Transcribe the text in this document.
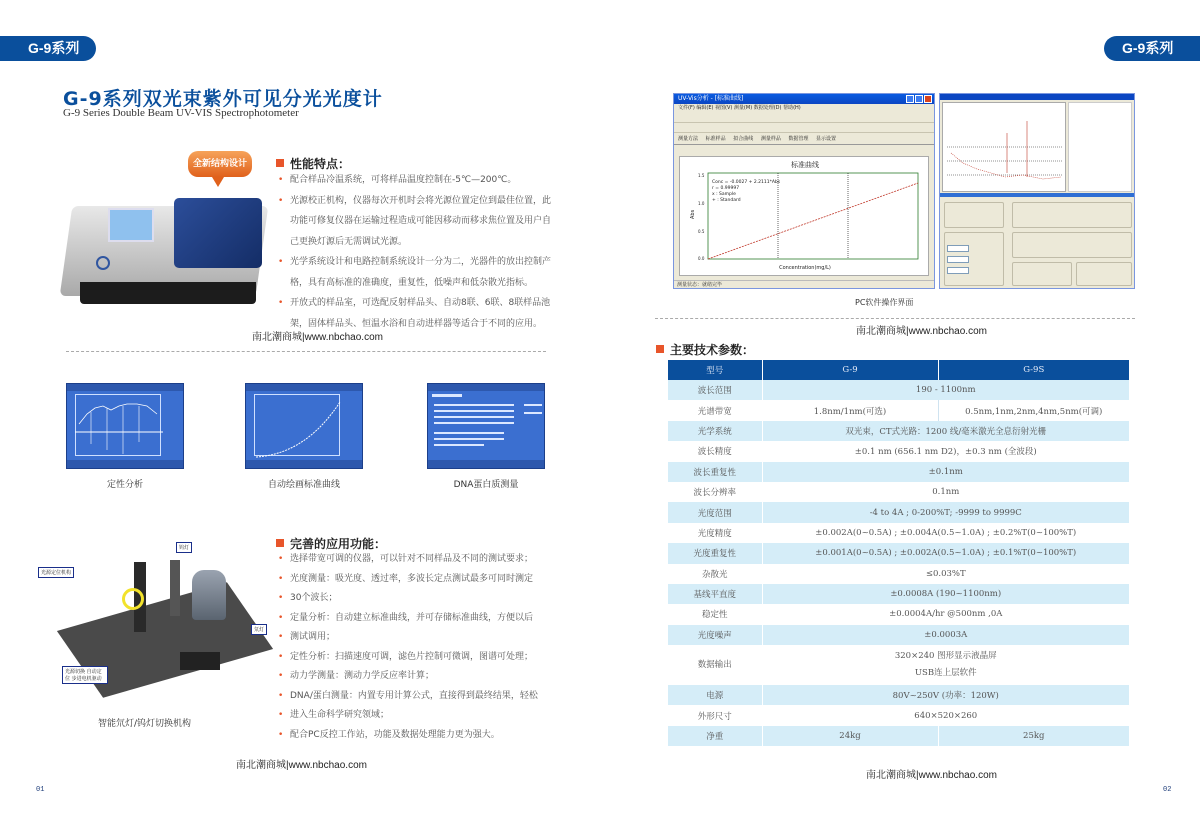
G-9系列
G-9系列双光束紫外可见分光光度计
G-9 Series Double Beam UV-VIS Spectrophotometer
全新结构设计	性能特点：
• 配合样品冷温系统，可将样品温度控制在-5℃—200℃。
• 光源校正机构，仪器每次开机时会将光源位置定位到最佳位置，此
功能可修复仪器在运输过程造成可能因移动而移求焦位置及用户自
己更换灯源后无需调试光源。
• 光学系统设计和电路控制系统设计一分为二，光器件的放出控制产
格，具有高标准的准确度，重复性，低噪声和低杂散光指标。
• 开放式的样品室，可选配反射样品头、自动8联、6联、8联样品池
架，固体样品头、恒温水浴和自动进样器等适合于不同的应用。
南北潮商城|www.nbchao.com
定性分析	自动绘画标准曲线	DNA蛋白质测量
钨灯
光源定位机构
氘灯
光源切换 自动定位 步进电机驱动
智能氘灯/钨灯切换机构
完善的应用功能：
• 选择带宽可调的仪器，可以针对不同样品及不同的测试要求；
• 光度测量：吸光度、透过率，多波长定点测试最多可同时测定
• 30个波长；
• 定量分析：自动建立标准曲线，并可存储标准曲线，方便以后
• 测试调用；
• 定性分析：扫描速度可调，滤色片控制可微调，图谱可处理；
• 动力学测量：测动力学反应率计算；
• DNA/蛋白测量：内置专用计算公式，直接得到最终结果，轻松
• 进入生命科学研究领域；
• 配合PC反控工作站，功能及数据处理能力更为强大。
南北潮商城|www.nbchao.com
01
G-9系列
02
UV-Vis分析 - [标准曲线]
文件(F) 编辑(E) 视图(V) 测量(M) 数据处理(D) 帮助(H)
测量方法 标准样品 拟合曲线 测量样品 数据管理 显示设置
标准曲线
Conc = -0.0027 + 2.2111*Abs
r = 0.99997
x : Sample
+ : Standard
Concentration(mg/L)
Abs
1.5
1.0
0.5
0.0
测量状态：就绪完毕
PC软件操作界面
南北潮商城|www.nbchao.com
主要技术参数：
型号	G-9	G-9S
波长范围	190 - 1100nm	
光谱带宽	1.8nm/1nm(可选)	0.5nm,1nm,2nm,4nm,5nm(可调)
光学系统	双光束，CT式光路：1200 线/毫米激光全息衍射光栅	
波长精度	±0.1 nm (656.1 nm D2)，±0.3 nm (全波段)	
波长重复性	±0.1nm	
波长分辨率	0.1nm	
光度范围	-4 to 4A ; 0-200%T; -9999 to 9999C	
光度精度	±0.002A(0~0.5A) ; ±0.004A(0.5~1.0A) ; ±0.2%T(0~100%T)	
光度重复性	±0.001A(0~0.5A) ; ±0.002A(0.5~1.0A) ; ±0.1%T(0~100%T)	
杂散光	≤0.03%T	
基线平直度	±0.0008A (190~1100nm)	
稳定性	±0.0004A/hr @500nm ,0A	
光度噪声	±0.0003A	
数据输出	320×240 图形显示液晶屏
USB连上层软件	

电源	80V~250V (功率：120W)	
外形尺寸	640×520×260	
净重	24kg	25kg
南北潮商城|www.nbchao.com
